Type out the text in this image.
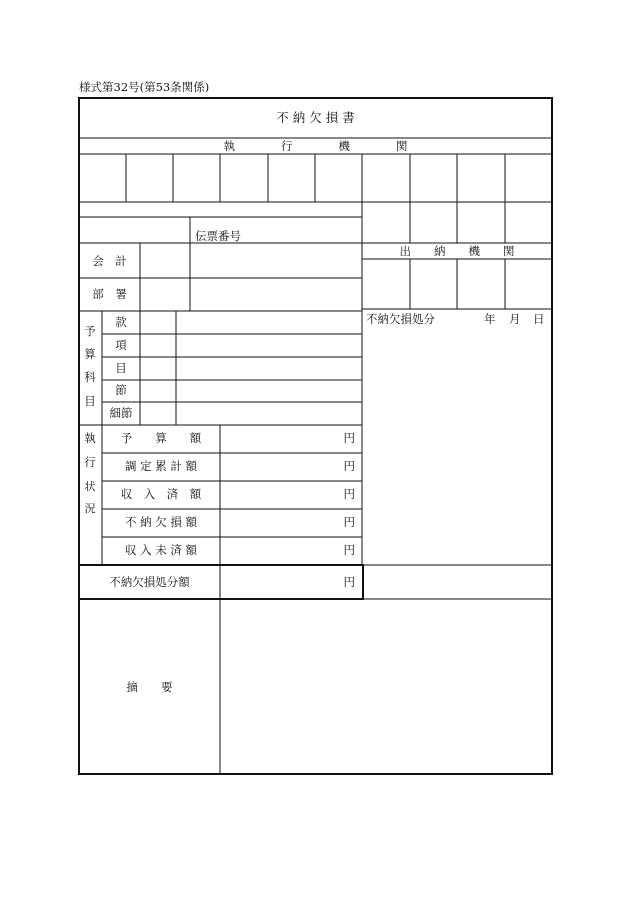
様式第32号(第53条関係)
不 納 欠 損 書
執　　　　行　　　　機　　　　関
伝票番号
会　計
部　署
出　　納　　機　　関
不納欠損処分	年 月 日
予
算
科
目
款
項
目
節
細節
執
行
状
況
予　　算　　額	円
調 定 累 計 額	円
収　入　済　額	円
不 納 欠 損 額	円
収 入 未 済 額	円
不納欠損処分額	円
摘　　要
